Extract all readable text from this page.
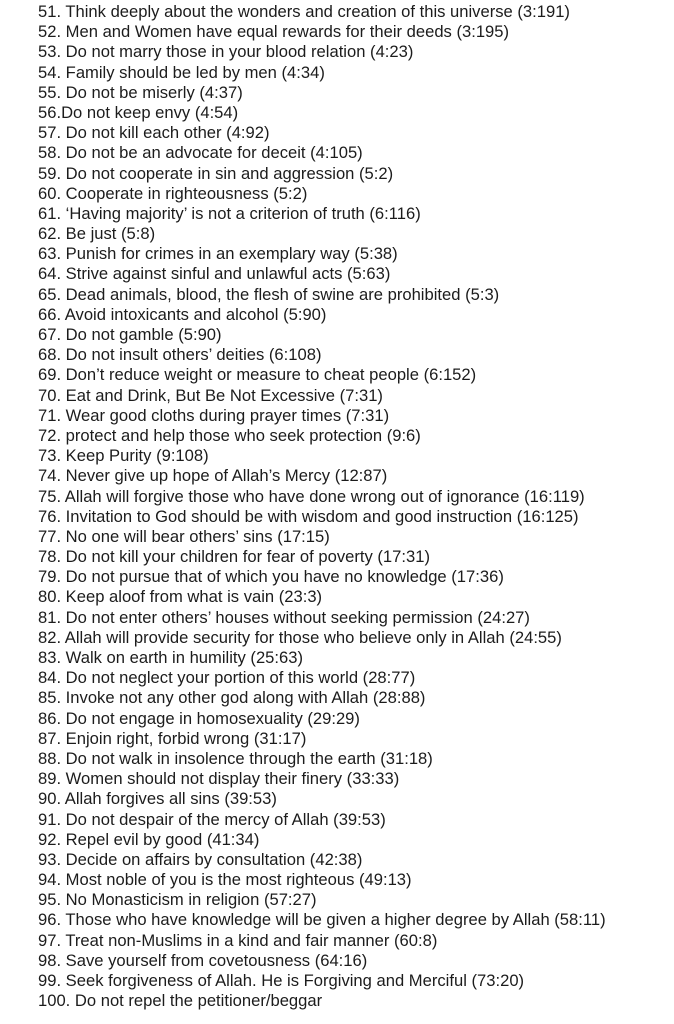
51. Think deeply about the wonders and creation of this universe (3:191)
52. Men and Women have equal rewards for their deeds (3:195)
53. Do not marry those in your blood relation (4:23)
54. Family should be led by men (4:34)
55. Do not be miserly (4:37)
56.Do not keep envy (4:54)
57. Do not kill each other (4:92)
58. Do not be an advocate for deceit (4:105)
59. Do not cooperate in sin and aggression (5:2)
60. Cooperate in righteousness (5:2)
61. ‘Having majority’ is not a criterion of truth (6:116)
62. Be just (5:8)
63. Punish for crimes in an exemplary way (5:38)
64. Strive against sinful and unlawful acts (5:63)
65. Dead animals, blood, the flesh of swine are prohibited (5:3)
66. Avoid intoxicants and alcohol (5:90)
67. Do not gamble (5:90)
68. Do not insult others’ deities (6:108)
69. Don’t reduce weight or measure to cheat people (6:152)
70. Eat and Drink, But Be Not Excessive (7:31)
71. Wear good cloths during prayer times (7:31)
72. protect and help those who seek protection (9:6)
73. Keep Purity (9:108)
74. Never give up hope of Allah’s Mercy (12:87)
75. Allah will forgive those who have done wrong out of ignorance (16:119)
76. Invitation to God should be with wisdom and good instruction (16:125)
77. No one will bear others’ sins (17:15)
78. Do not kill your children for fear of poverty (17:31)
79. Do not pursue that of which you have no knowledge (17:36)
80. Keep aloof from what is vain (23:3)
81. Do not enter others’ houses without seeking permission (24:27)
82. Allah will provide security for those who believe only in Allah (24:55)
83. Walk on earth in humility (25:63)
84. Do not neglect your portion of this world (28:77)
85. Invoke not any other god along with Allah (28:88)
86. Do not engage in homosexuality (29:29)
87. Enjoin right, forbid wrong (31:17)
88. Do not walk in insolence through the earth (31:18)
89. Women should not display their finery (33:33)
90. Allah forgives all sins (39:53)
91. Do not despair of the mercy of Allah (39:53)
92. Repel evil by good (41:34)
93. Decide on affairs by consultation (42:38)
94. Most noble of you is the most righteous (49:13)
95. No Monasticism in religion (57:27)
96. Those who have knowledge will be given a higher degree by Allah (58:11)
97. Treat non-Muslims in a kind and fair manner (60:8)
98. Save yourself from covetousness (64:16)
99. Seek forgiveness of Allah. He is Forgiving and Merciful (73:20)
100. Do not repel the petitioner/beggar
